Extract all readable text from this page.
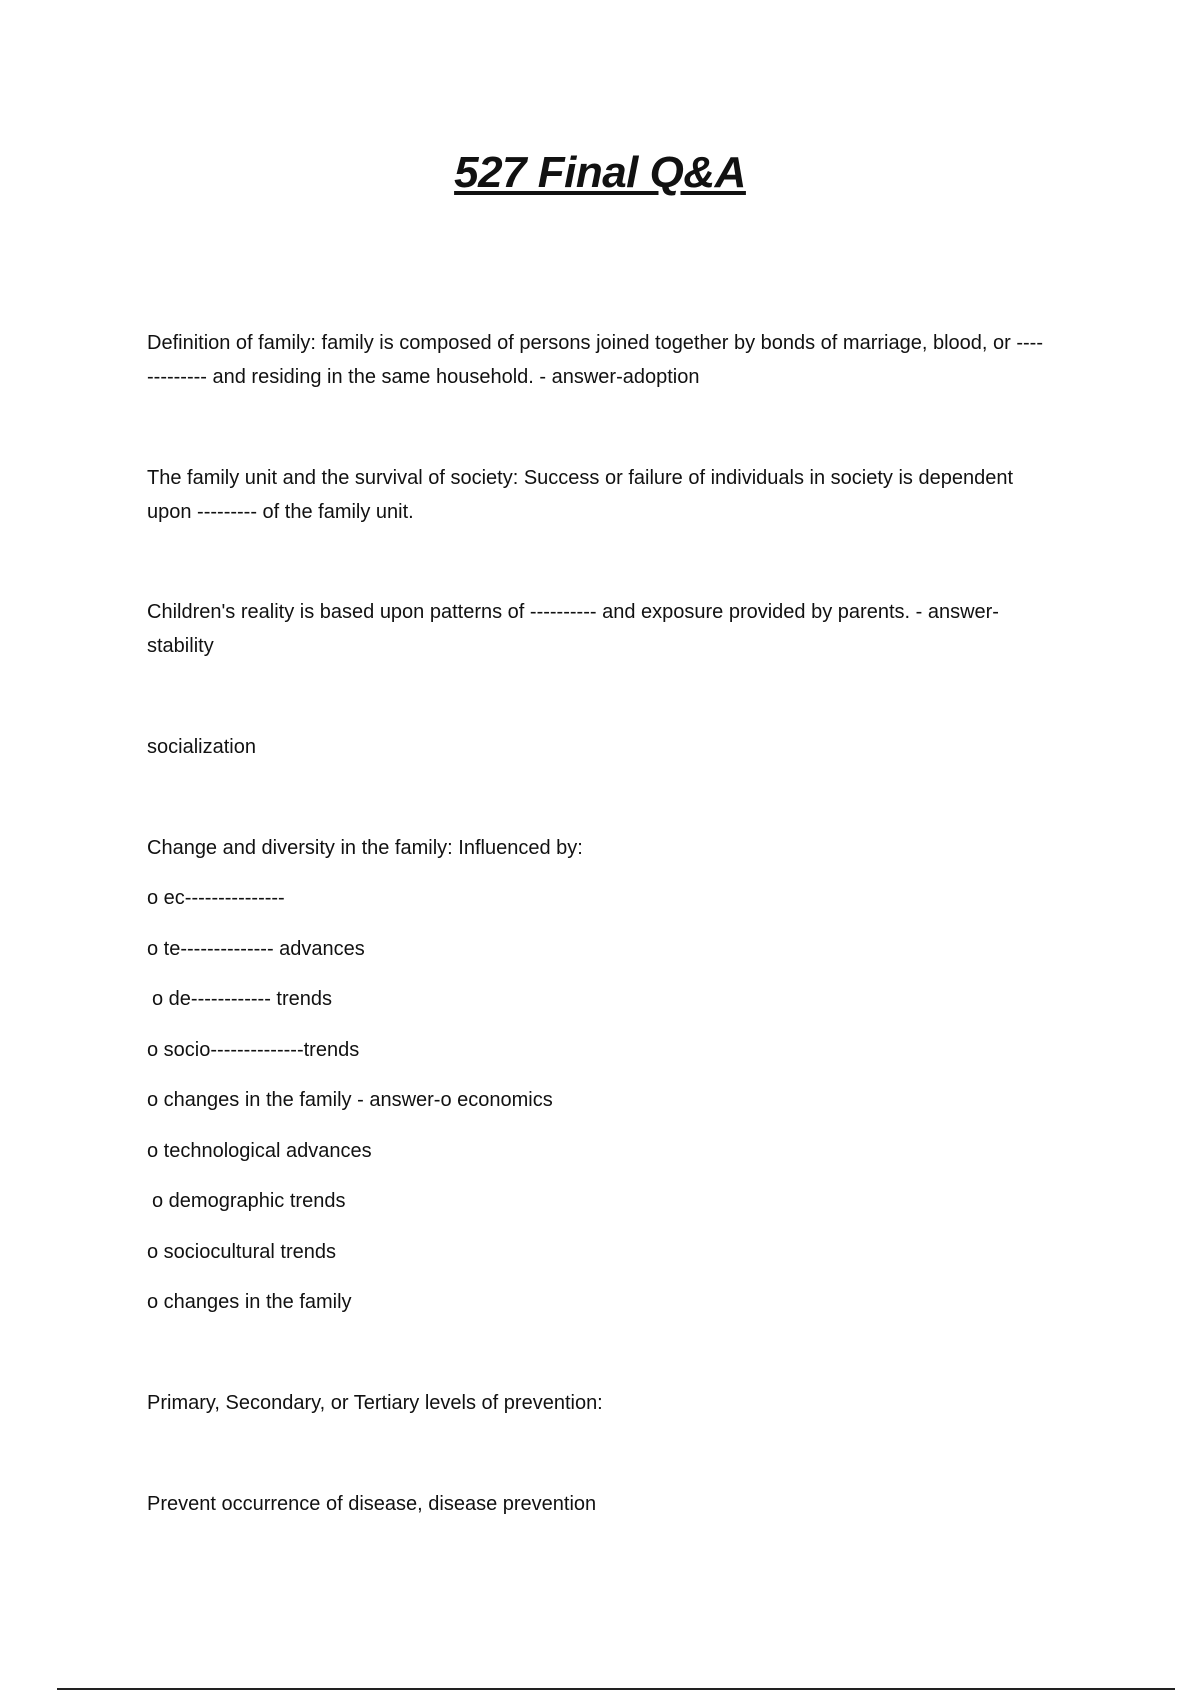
527 Final Q&A

Definition of family: family is composed of persons joined together by bonds of marriage, blood, or ------------- and residing in the same household. - answer-adoption

The family unit and the survival of society: Success or failure of individuals in society is dependent upon --------- of the family unit.

Children's reality is based upon patterns of ---------- and exposure provided by parents. - answer-stability

socialization

Change and diversity in the family: Influenced by:

o ec---------------

o te-------------- advances

o de------------ trends

o socio--------------trends

o changes in the family - answer-o economics

o technological advances

o demographic trends

o sociocultural trends

o changes in the family

Primary, Secondary, or Tertiary levels of prevention:

Prevent occurrence of disease, disease prevention
